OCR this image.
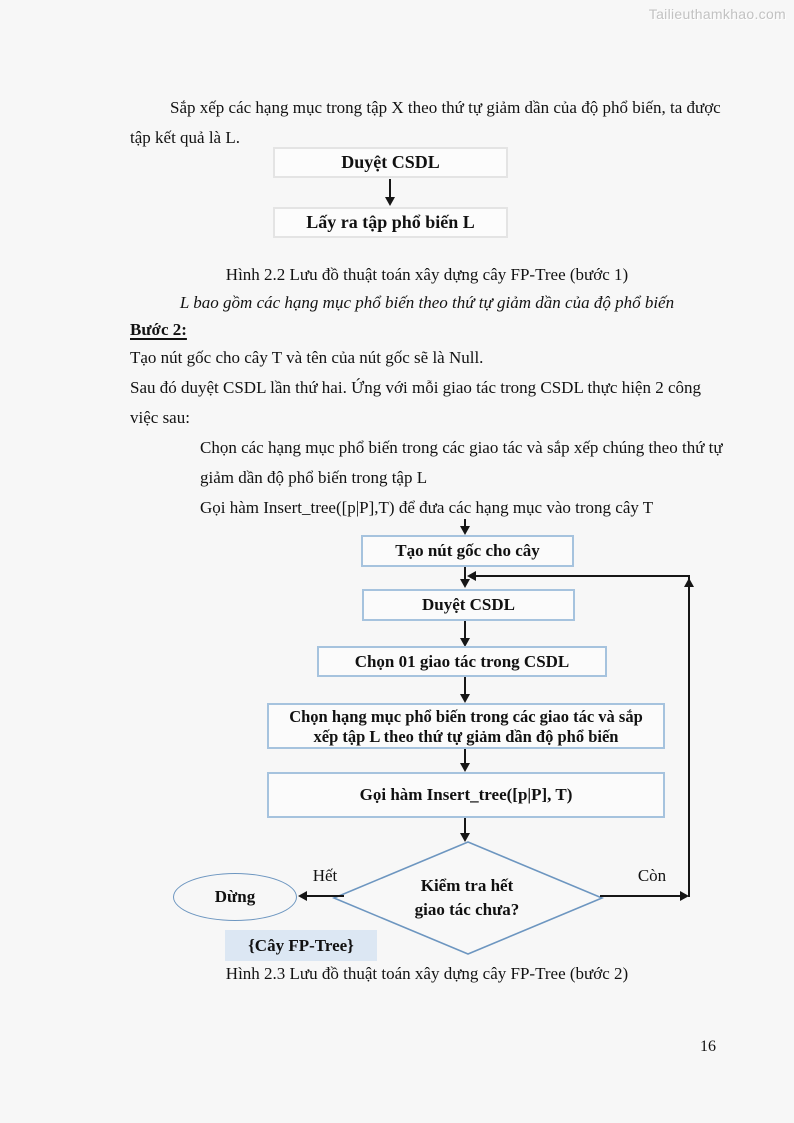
Tailieuthamkhao.com
Sắp xếp các hạng mục trong tập X theo thứ tự giảm dần của độ phổ biến, ta được
tập kết quả là L.
Duyệt CSDL
Lấy ra tập phổ biến L
Hình 2.2 Lưu đồ thuật toán xây dựng cây FP-Tree (bước 1)
L bao gồm các hạng mục phổ biến theo thứ tự giảm dần của độ phổ biến
Bước 2:
Tạo nút gốc cho cây T và tên của nút gốc sẽ là Null.
Sau đó duyệt CSDL lần thứ hai. Ứng với mỗi giao tác trong CSDL thực hiện 2 công
việc sau:
Chọn các hạng mục phổ biến trong các giao tác và sắp xếp chúng theo thứ tự
giảm dần độ phổ biến trong tập L
Gọi hàm Insert_tree([p|P],T) để đưa các hạng mục vào trong cây T
Tạo nút gốc cho cây
Duyệt CSDL
Chọn 01 giao tác trong CSDL
Chọn hạng mục phổ biến trong các giao tác và sắp
xếp tập L theo thứ tự giảm dần độ phổ biến
Gọi hàm Insert_tree([p|P], T)
Kiểm tra hết
giao tác chưa?
Hết	Còn
Dừng
{Cây FP-Tree}
Hình 2.3 Lưu đồ thuật toán xây dựng cây FP-Tree (bước 2)
16
